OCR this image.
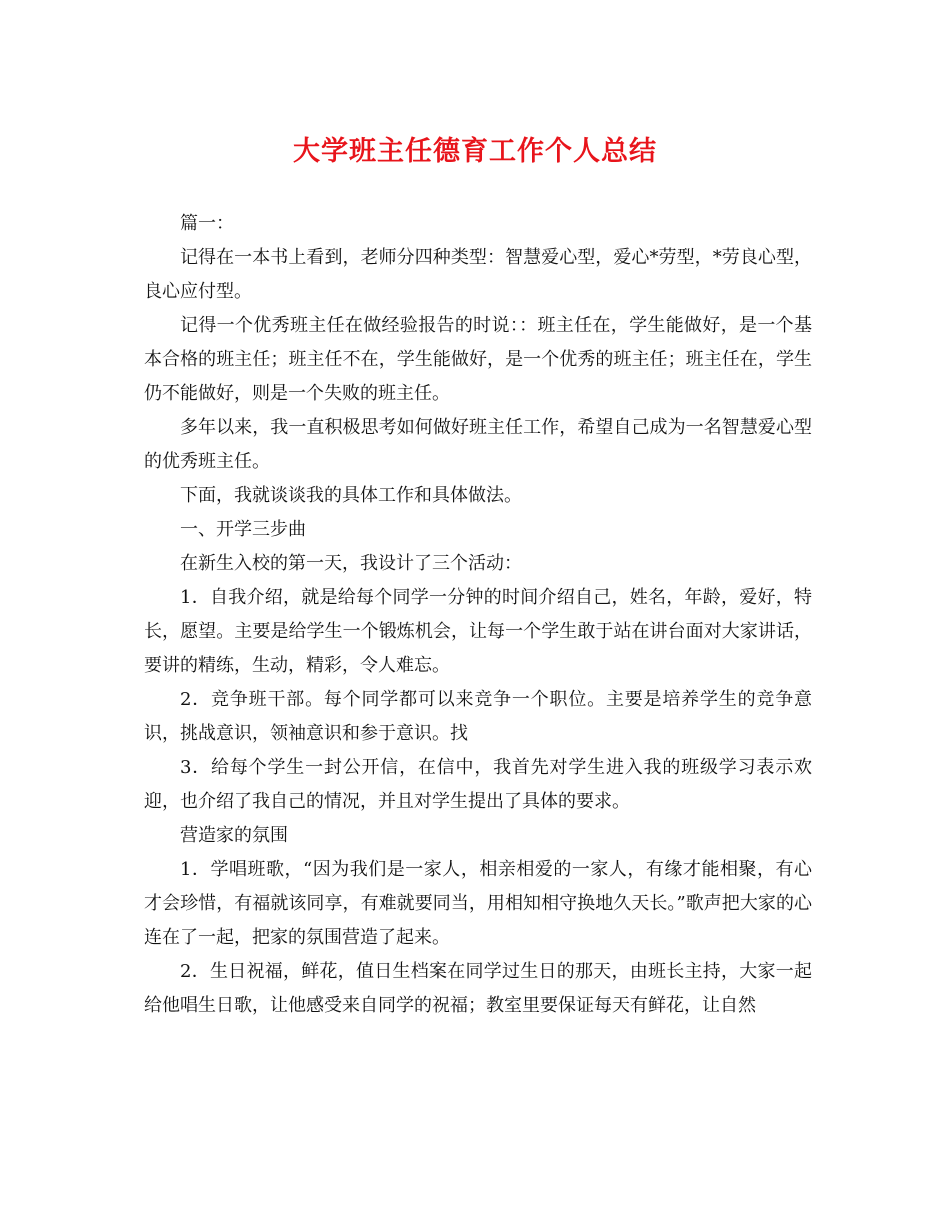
大学班主任德育工作个人总结

篇一：

记得在一本书上看到，老师分四种类型：智慧爱心型，爱心*劳型，*劳良心型，良心应付型。

记得一个优秀班主任在做经验报告的时说：：班主任在，学生能做好，是一个基本合格的班主任；班主任不在，学生能做好，是一个优秀的班主任；班主任在，学生仍不能做好，则是一个失败的班主任。

多年以来，我一直积极思考如何做好班主任工作，希望自己成为一名智慧爱心型的优秀班主任。

下面，我就谈谈我的具体工作和具体做法。

一、开学三步曲

在新生入校的第一天，我设计了三个活动：

1．自我介绍，就是给每个同学一分钟的时间介绍自己，姓名，年龄，爱好，特长，愿望。主要是给学生一个锻炼机会，让每一个学生敢于站在讲台面对大家讲话，要讲的精练，生动，精彩，令人难忘。

2．竞争班干部。每个同学都可以来竞争一个职位。主要是培养学生的竞争意识，挑战意识，领袖意识和参于意识。找

3．给每个学生一封公开信，在信中，我首先对学生进入我的班级学习表示欢迎，也介绍了我自己的情况，并且对学生提出了具体的要求。

营造家的氛围

1．学唱班歌，“因为我们是一家人，相亲相爱的一家人，有缘才能相聚，有心才会珍惜，有福就该同享，有难就要同当，用相知相守换地久天长。”歌声把大家的心连在了一起，把家的氛围营造了起来。

2．生日祝福，鲜花，值日生档案在同学过生日的那天，由班长主持，大家一起给他唱生日歌，让他感受来自同学的祝福；教室里要保证每天有鲜花，让自然
